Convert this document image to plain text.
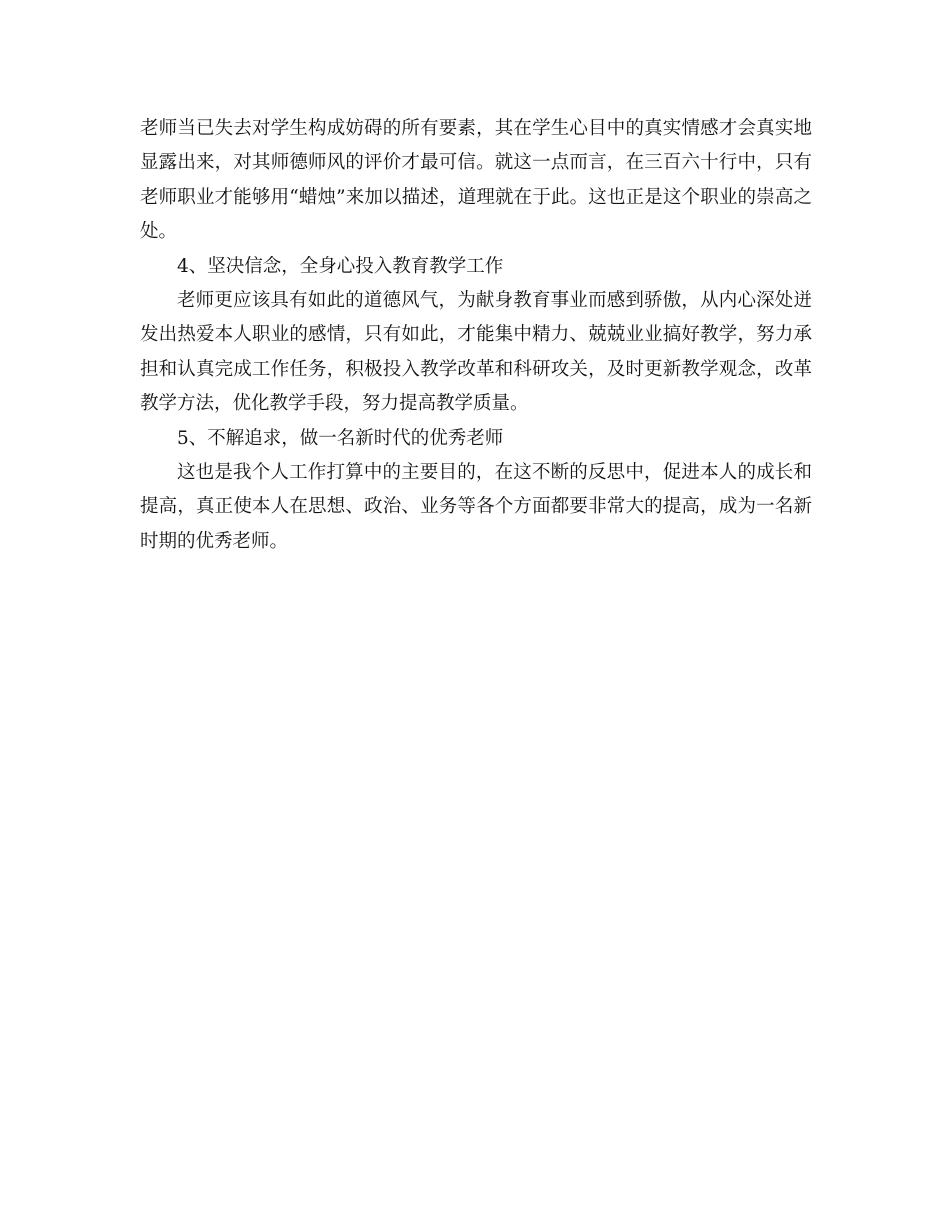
老师当已失去对学生构成妨碍的所有要素，其在学生心目中的真实情感才会真实地显露出来，对其师德师风的评价才最可信。就这一点而言，在三百六十行中，只有老师职业才能够用“蜡烛”来加以描述，道理就在于此。这也正是这个职业的崇高之处。

4、坚决信念，全身心投入教育教学工作

老师更应该具有如此的道德风气，为献身教育事业而感到骄傲，从内心深处迸发出热爱本人职业的感情，只有如此，才能集中精力、兢兢业业搞好教学，努力承担和认真完成工作任务，积极投入教学改革和科研攻关，及时更新教学观念，改革教学方法，优化教学手段，努力提高教学质量。

5、不解追求，做一名新时代的优秀老师

这也是我个人工作打算中的主要目的，在这不断的反思中，促进本人的成长和提高，真正使本人在思想、政治、业务等各个方面都要非常大的提高，成为一名新时期的优秀老师。
